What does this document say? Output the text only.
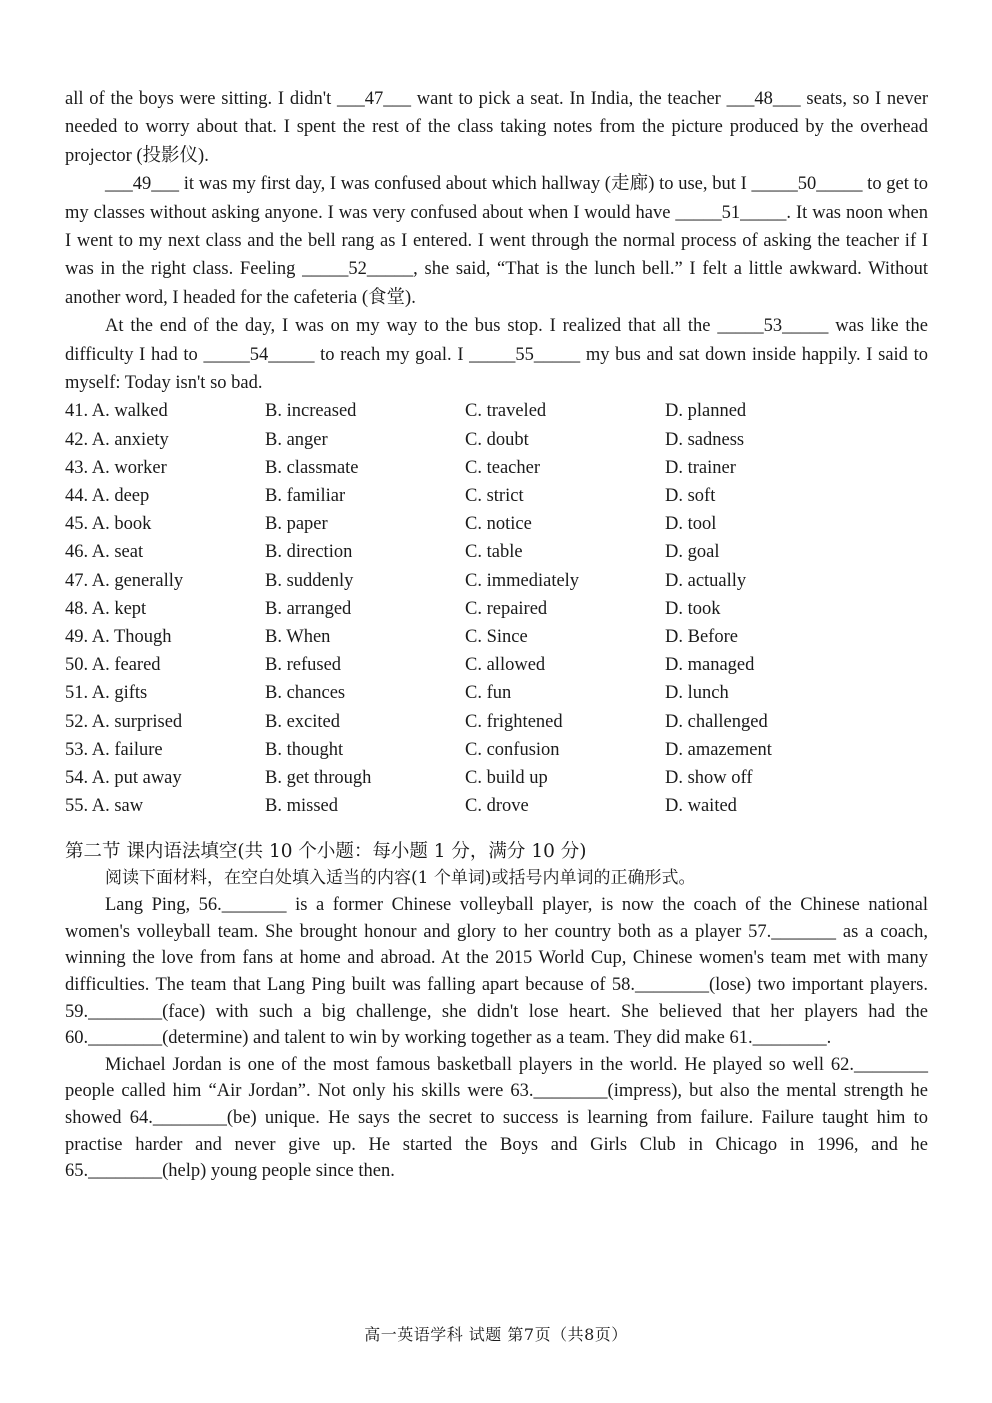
all of the boys were sitting. I didn't ___47___ want to pick a seat. In India, the teacher ___48___ seats, so I never needed to worry about that. I spent the rest of the class taking notes from the picture produced by the overhead projector (投影仪).

___49___ it was my first day, I was confused about which hallway (走廊) to use, but I _____50_____ to get to my classes without asking anyone. I was very confused about when I would have _____51_____. It was noon when I went to my next class and the bell rang as I entered. I went through the normal process of asking the teacher if I was in the right class. Feeling _____52_____, she said, “That is the lunch bell.” I felt a little awkward. Without another word, I headed for the cafeteria (食堂).

At the end of the day, I was on my way to the bus stop. I realized that all the _____53_____ was like the difficulty I had to _____54_____ to reach my goal. I _____55_____ my bus and sat down inside happily. I said to myself: Today isn't so bad.

41. A. walked	B. increased	C. traveled	D. planned
42. A. anxiety	B. anger	C. doubt	D. sadness
43. A. worker	B. classmate	C. teacher	D. trainer
44. A. deep	B. familiar	C. strict	D. soft
45. A. book	B. paper	C. notice	D. tool
46. A. seat	B. direction	C. table	D. goal
47. A. generally	B. suddenly	C. immediately	D. actually
48. A. kept	B. arranged	C. repaired	D. took
49. A. Though	B. When	C. Since	D. Before
50. A. feared	B. refused	C. allowed	D. managed
51. A. gifts	B. chances	C. fun	D. lunch
52. A. surprised	B. excited	C. frightened	D. challenged
53. A. failure	B. thought	C. confusion	D. amazement
54. A. put away	B. get through	C. build up	D. show off
55. A. saw	B. missed	C. drove	D. waited
第二节 课内语法填空(共 10 个小题：每小题 1 分，满分 10 分)
阅读下面材料，在空白处填入适当的内容(1 个单词)或括号内单词的正确形式。

Lang Ping, 56._______ is a former Chinese volleyball player, is now the coach of the Chinese national women's volleyball team. She brought honour and glory to her country both as a player 57._______ as a coach, winning the love from fans at home and abroad. At the 2015 World Cup, Chinese women's team met with many difficulties. The team that Lang Ping built was falling apart because of 58.________(lose) two important players. 59.________(face) with such a big challenge, she didn't lose heart. She believed that her players had the 60.________(determine) and talent to win by working together as a team. They did make 61.________.

Michael Jordan is one of the most famous basketball players in the world. He played so well 62.________ people called him “Air Jordan”. Not only his skills were 63.________(impress), but also the mental strength he showed 64.________(be) unique. He says the secret to success is learning from failure. Failure taught him to practise harder and never give up. He started the Boys and Girls Club in Chicago in 1996, and he 65.________(help) young people since then.

高一英语学科 试题 第7页（共8页）
